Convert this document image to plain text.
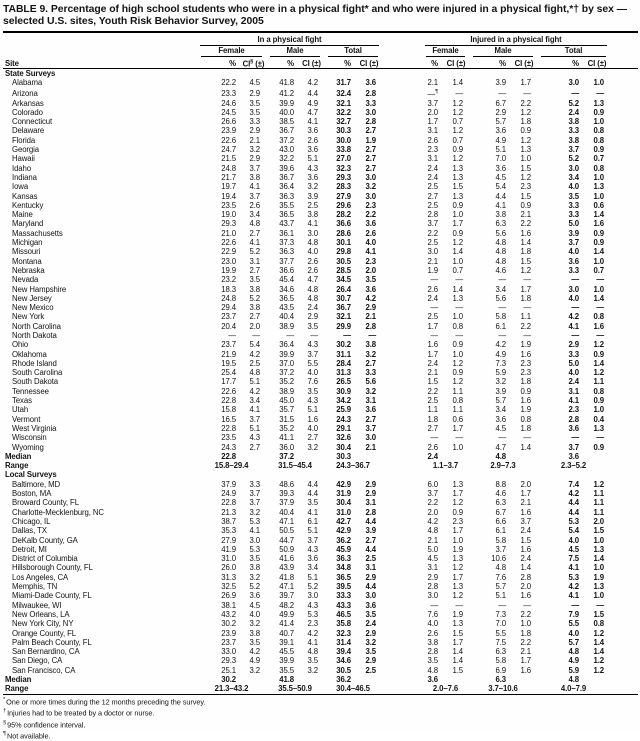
TABLE 9. Percentage of high school students who were in a physical fight* and who were injured in a physical fight,*† by sex —
selected U.S. sites, Youth Risk Behavior Survey, 2005

	In a physical fight							Injured in a physical fight						

	Female		Male		Total			Female		Male		Total		

Site	%	CI§ (±)	%	CI (±)	%	CI (±)		%	CI (±)	%	CI (±)	%	CI (±)	
State Surveys														
Alabama	22.2	4.5	41.8	4.2	31.7	3.6		2.1	1.4	3.9	1.7	3.0	1.0	
Arizona	23.3	2.9	41.2	4.4	32.4	2.8		—¶	—	—	—	—	—	
Arkansas	24.6	3.5	39.9	4.9	32.1	3.3		3.7	1.2	6.7	2.2	5.2	1.3	
Colorado	24.5	3.5	40.0	4.7	32.2	3.0		2.0	1.2	2.9	1.2	2.4	0.9	
Connecticut	26.6	3.3	38.5	4.1	32.7	2.8		1.7	0.7	5.7	1.8	3.8	1.0	
Delaware	23.9	2.9	36.7	3.6	30.3	2.7		3.1	1.2	3.6	0.9	3.3	0.8	
Florida	22.6	2.1	37.2	2.6	30.0	1.9		2.6	0.7	4.9	1.2	3.8	0.8	
Georgia	24.7	3.2	43.0	3.6	33.8	2.7		2.3	0.9	5.1	1.3	3.7	0.9	
Hawaii	21.5	2.9	32.2	5.1	27.0	2.7		3.1	1.2	7.0	1.0	5.2	0.7	
Idaho	24.8	3.7	39.6	4.3	32.3	2.7		2.4	1.3	3.6	1.5	3.0	0.8	
Indiana	21.7	3.8	36.7	3.6	29.3	3.0		2.4	1.3	4.5	1.2	3.4	1.0	
Iowa	19.7	4.1	36.4	3.2	28.3	3.2		2.5	1.5	5.4	2.3	4.0	1.3	
Kansas	19.4	3.7	36.3	3.9	27.9	3.0		2.7	1.3	4.4	1.5	3.5	1.0	
Kentucky	23.5	2.6	35.5	2.5	29.6	2.3		2.5	0.9	4.1	0.9	3.3	0.6	
Maine	19.0	3.4	36.5	3.8	28.2	2.2		2.8	1.0	3.8	2.1	3.3	1.4	
Maryland	29.3	4.8	43.7	4.1	36.6	3.6		3.7	1.7	6.3	2.2	5.0	1.6	
Massachusetts	21.0	2.7	36.1	3.0	28.6	2.6		2.2	0.9	5.6	1.6	3.9	0.9	
Michigan	22.6	4.1	37.3	4.8	30.1	4.0		2.5	1.2	4.8	1.4	3.7	0.9	
Missouri	22.9	5.2	36.3	4.0	29.8	4.1		3.0	1.4	4.8	1.8	4.0	1.4	
Montana	23.0	3.1	37.7	2.6	30.5	2.3		2.1	1.0	4.8	1.5	3.6	1.0	
Nebraska	19.9	2.7	36.6	2.6	28.5	2.0		1.9	0.7	4.6	1.2	3.3	0.7	
Nevada	23.2	3.5	45.4	4.7	34.5	3.5		—	—	—	—	—	—	
New Hampshire	18.3	3.8	34.6	4.8	26.4	3.6		2.6	1.4	3.4	1.7	3.0	1.0	
New Jersey	24.8	5.2	36.5	4.8	30.7	4.2		2.4	1.3	5.6	1.8	4.0	1.4	
New Mexico	29.4	3.8	43.5	2.4	36.7	2.9		—	—	—	—	—	—	
New York	23.7	2.7	40.4	2.9	32.1	2.1		2.5	1.0	5.8	1.1	4.2	0.8	
North Carolina	20.4	2.0	38.9	3.5	29.9	2.8		1.7	0.8	6.1	2.2	4.1	1.6	
North Dakota	—	—	—	—	—	—		—	—	—	—	—	—	
Ohio	23.7	5.4	36.4	4.3	30.2	3.8		1.6	0.9	4.2	1.9	2.9	1.2	
Oklahoma	21.9	4.2	39.9	3.7	31.1	3.2		1.7	1.0	4.9	1.6	3.3	0.9	
Rhode Island	19.5	2.5	37.0	5.5	28.4	2.7		2.4	1.2	7.3	2.3	5.0	1.4	
South Carolina	25.4	4.8	37.2	4.0	31.3	3.3		2.1	0.9	5.9	2.3	4.0	1.2	
South Dakota	17.7	5.1	35.2	7.6	26.5	5.6		1.5	1.2	3.2	1.8	2.4	1.1	
Tennessee	22.6	4.2	38.9	3.5	30.9	3.2		2.2	1.1	3.9	0.9	3.1	0.8	
Texas	22.8	3.4	45.0	4.3	34.2	3.1		2.5	0.8	5.7	1.6	4.1	0.9	
Utah	15.8	4.1	35.7	5.1	25.9	3.6		1.1	1.1	3.4	1.9	2.3	1.0	
Vermont	16.5	3.7	31.5	1.6	24.3	2.7		1.8	0.6	3.6	0.8	2.8	0.4	
West Virginia	22.8	5.1	35.2	4.0	29.1	3.7		2.7	1.7	4.5	1.8	3.6	1.3	
Wisconsin	23.5	4.3	41.1	2.7	32.6	3.0		—	—	—	—	—	—	
Wyoming	24.3	2.7	36.0	3.2	30.4	2.1		2.6	1.0	4.7	1.4	3.7	0.9	
Median	22.8		37.2		30.3			2.4		4.8		3.6		
Range	15.8–29.4		31.5–45.4		24.3–36.7			1.1–3.7		2.9–7.3		2.3–5.2		
Local Surveys														
Baltimore, MD	37.9	3.3	48.6	4.4	42.9	2.9		6.0	1.3	8.8	2.0	7.4	1.2	
Boston, MA	24.9	3.7	39.3	4.4	31.9	2.9		3.7	1.7	4.6	1.7	4.2	1.1	
Broward County, FL	22.8	3.7	37.9	3.5	30.4	3.1		2.2	1.2	6.3	2.1	4.4	1.1	
Charlotte-Mecklenburg, NC	21.3	3.2	40.4	4.1	31.0	2.8		2.0	0.9	6.7	1.6	4.4	1.1	
Chicago, IL	38.7	5.3	47.1	6.1	42.7	4.4		4.2	2.3	6.6	3.7	5.3	2.0	
Dallas, TX	35.3	4.1	50.5	5.1	42.9	3.9		4.8	1.7	6.1	2.4	5.4	1.5	
DeKalb County, GA	27.9	3.0	44.7	3.7	36.2	2.7		2.1	1.0	5.8	1.5	4.0	1.0	
Detroit, MI	41.9	5.3	50.9	4.3	45.9	4.4		5.0	1.9	3.7	1.6	4.5	1.3	
District of Columbia	31.0	3.5	41.6	3.6	36.3	2.5		4.5	1.3	10.6	2.4	7.5	1.4	
Hillsborough County, FL	26.0	3.8	43.9	3.4	34.8	3.1		3.1	1.2	4.8	1.4	4.1	1.0	
Los Angeles, CA	31.3	3.2	41.8	5.1	36.5	2.9		2.9	1.7	7.6	2.8	5.3	1.9	
Memphis, TN	32.5	5.2	47.1	5.2	39.5	4.4		2.8	1.3	5.7	2.0	4.2	1.3	
Miami-Dade County, FL	26.9	3.6	39.7	3.0	33.3	3.0		3.0	1.2	5.1	1.6	4.1	1.0	
Milwaukee, WI	38.1	4.5	48.2	4.3	43.3	3.6		—	—	—	—	—	—	
New Orleans, LA	43.2	4.0	49.9	5.3	46.5	3.5		7.6	1.9	7.3	2.2	7.9	1.5	
New York City, NY	30.2	3.2	41.4	2.3	35.8	2.4		4.0	1.3	7.0	1.0	5.5	0.8	
Orange County, FL	23.9	3.8	40.7	4.2	32.3	2.9		2.6	1.5	5.5	1.8	4.0	1.2	
Palm Beach County, FL	23.7	3.5	39.1	4.1	31.4	3.2		3.8	1.7	7.5	2.2	5.7	1.4	
San Bernardino, CA	33.0	4.2	45.5	4.8	39.4	3.5		2.8	1.4	6.3	2.1	4.8	1.4	
San Diego, CA	29.3	4.9	39.9	3.5	34.6	2.9		3.5	1.4	5.8	1.7	4.9	1.2	
San Francisco, CA	25.1	3.2	35.5	3.2	30.5	2.5		4.8	1.5	6.9	1.6	5.9	1.2	
Median	30.2		41.8		36.2			3.6		6.3		4.8		
Range	21.3–43.2		35.5–50.9		30.4–46.5			2.0–7.6		3.7–10.6		4.0–7.9		
*One or more times during the 12 months preceding the survey.
†Injuries had to be treated by a doctor or nurse.
§95% confidence interval.
¶Not available.
